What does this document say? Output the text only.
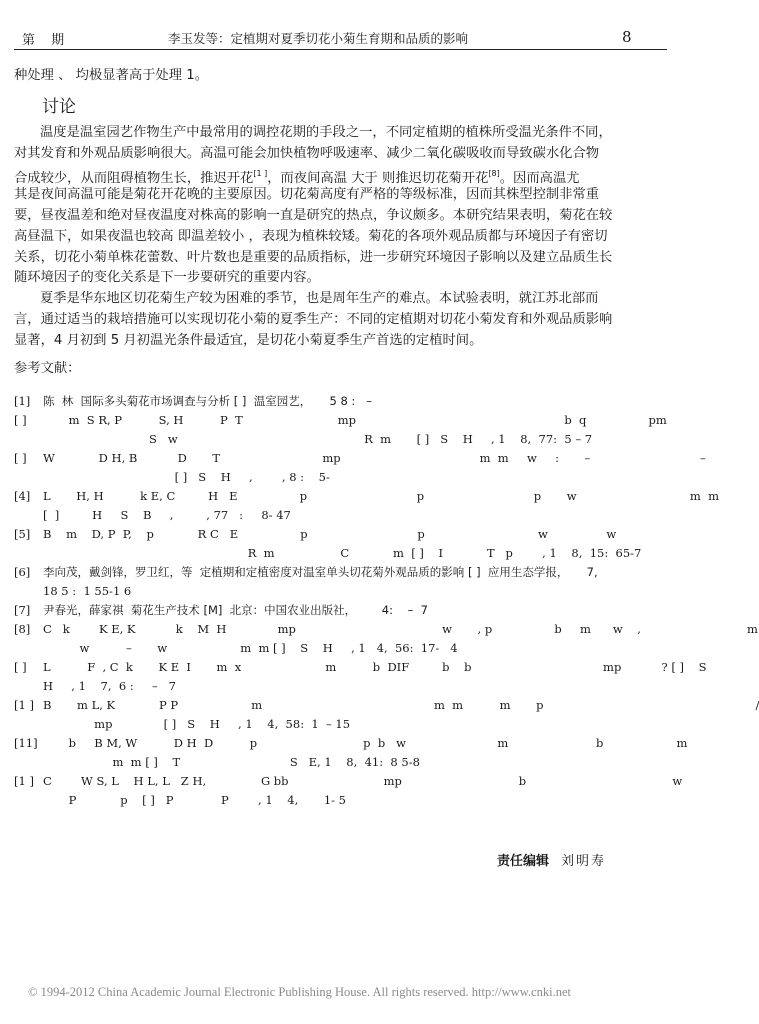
第 期	李玉发等：定植期对夏季切花小菊生育期和品质的影响	8
种处理 、 均极显著高于处理 1。
讨论
温度是温室园艺作物生产中最常用的调控花期的手段之一，不同定植期的植株所受温光条件不同，
对其发育和外观品质影响很大。高温可能会加快植物呼吸速率、减少二氧化碳吸收而导致碳水化合物
合成较少，从而阻碍植物生长，推迟开花[1 ]，而夜间高温 大于 则推迟切花菊开花[8]。因而高温尤
其是夜间高温可能是菊花开花晚的主要原因。切花菊高度有严格的等级标准，因而其株型控制非常重
要，昼夜温差和绝对昼夜温度对株高的影响一直是研究的热点，争议颇多。本研究结果表明，菊花在较
高昼温下，如果夜温也较高 即温差较小 ，表现为植株较矮。菊花的各项外观品质都与环境因子有密切
关系，切花小菊单株花蕾数、叶片数也是重要的品质指标，进一步研究环境因子影响以及建立品质生长
随环境因子的变化关系是下一步要研究的重要内容。
夏季是华东地区切花菊生产较为困难的季节，也是周年生产的难点。本试验表明，就江苏北部而
言，通过适当的栽培措施可以实现切花小菊的夏季生产：不同的定植期对切花小菊发育和外观品质影响
显著，4 月初到 5 月初温光条件最适宜，是切花小菊夏季生产首选的定植时间。
参考文献：
[1]	陈  林  国际多头菊花市场调查与分析 [ ]  温室园艺，     5 8 :   –
[ ]	m  S R, P          S, H          P  T                          mp                                                         b  q                 pm
S   w                                                   R  m       [ ]   S    H     , 1    8,  77:  5 – 7
[ ]	W            D H, B           D       T                            mp                                      m  m     w     :       –                              –
[ ]   S    H     ,        , 8 :    5-
[4]	L       H, H          k E, C         H   E                 p                              p                              p       w                               m  m
[  ]         H     S    B     ,         , 77   :     8- 47
[5]	B    m    D, P  P,    p            R C   E                 p                              p                               w                w
R  m                  C            m  [ ]    I            T   p        , 1    8,  15:  65-7
[6]	李向茂，戴剑锋，罗卫红，等  定植期和定植密度对温室单头切花菊外观品质的影响 [ ]  应用生态学报，     7,
18 5 :  1 55-1 6
[7]	尹春光，薛家祺  菊花生产技术 [M]  北京：中国农业出版社，       4:    –  7
[8]	C   k        K E, K           k    M  H              mp                                        w       , p                 b     m      w    ,                             m
w          –       w                    m  m [ ]    S    H     , 1   4,  56:  17-   4
[ ]	L          F  , C  k       K E  I       m  x                       m          b  DIF         b    b                                    mp           ? [ ]    S
H     , 1    7,  6 :     –   7
[1 ] B       m L, K            P P                    m                                               m  m          m       p                                                          /
mp              [ ]   S    H     , 1    4,  58:  1  – 15
[11] b     B M, W          D H  D          p                             p  b   w                         m                        b                    m
m  m [ ]    T                              S   E, 1    8,  41:  8 5-8
[1 ] C        W S, L    H L, L   Z H,               G bb                          mp                                b                                        w
P            p    [ ]   P             P        , 1    4,       1- 5
责任编辑 刘明寿
© 1994-2012 China Academic Journal Electronic Publishing House. All rights reserved. http://www.cnki.net
